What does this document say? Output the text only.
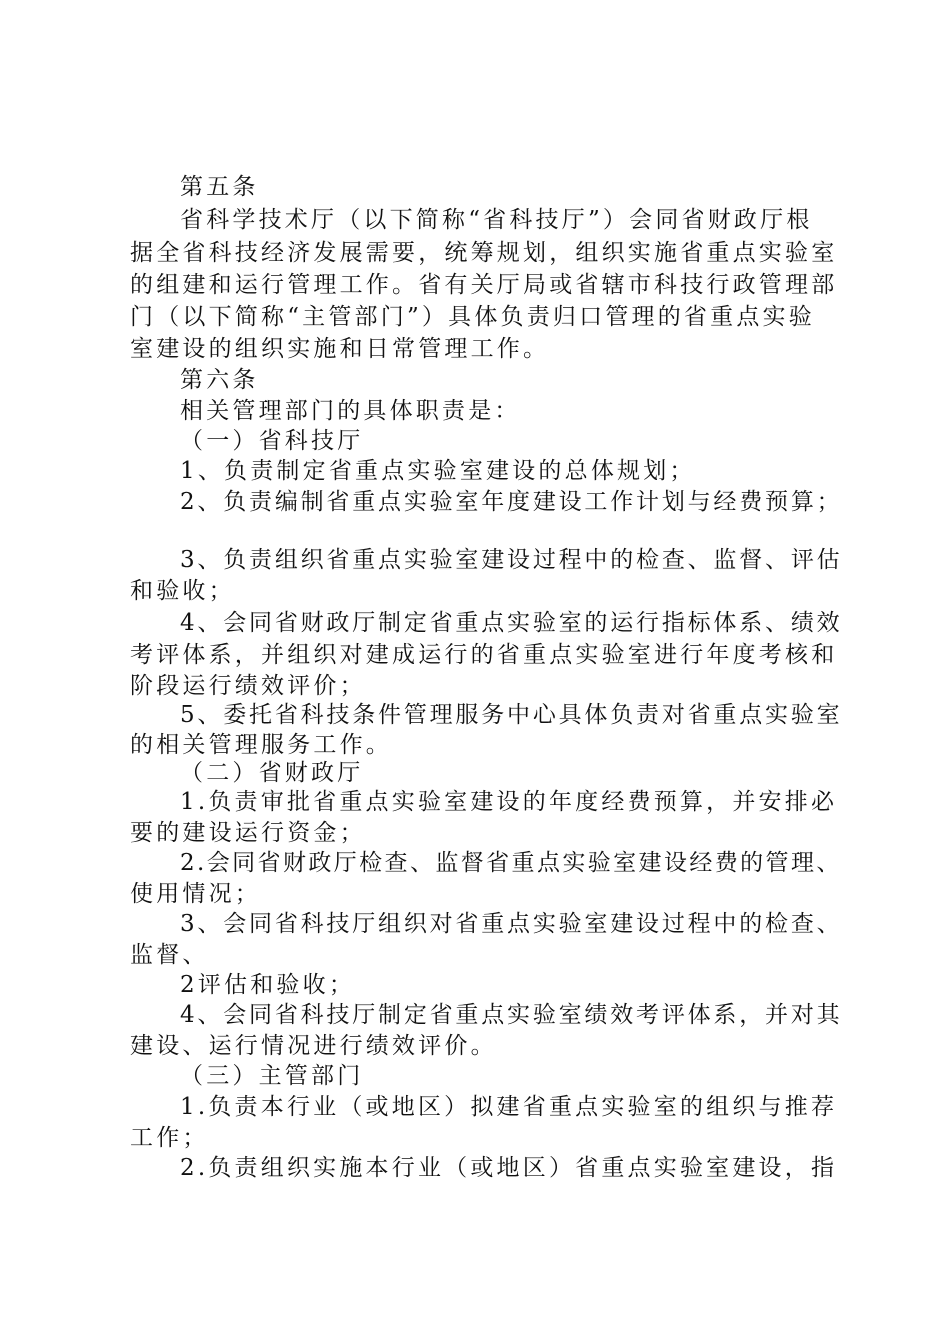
第五条
省科学技术厅（以下简称“省科技厅”）会同省财政厅根
据全省科技经济发展需要，统筹规划，组织实施省重点实验室
的组建和运行管理工作。省有关厅局或省辖市科技行政管理部
门（以下简称“主管部门”）具体负责归口管理的省重点实验
室建设的组织实施和日常管理工作。
第六条
相关管理部门的具体职责是：
（一）省科技厅
1、负责制定省重点实验室建设的总体规划；
2、负责编制省重点实验室年度建设工作计划与经费预算；
3、负责组织省重点实验室建设过程中的检查、监督、评估
和验收；
4、会同省财政厅制定省重点实验室的运行指标体系、绩效
考评体系，并组织对建成运行的省重点实验室进行年度考核和
阶段运行绩效评价；
5、委托省科技条件管理服务中心具体负责对省重点实验室
的相关管理服务工作。
（二）省财政厅
1.负责审批省重点实验室建设的年度经费预算，并安排必
要的建设运行资金；
2.会同省财政厅检查、监督省重点实验室建设经费的管理、
使用情况；
3、会同省科技厅组织对省重点实验室建设过程中的检查、
监督、
2评估和验收；
4、会同省科技厅制定省重点实验室绩效考评体系，并对其
建设、运行情况进行绩效评价。
（三）主管部门
1.负责本行业（或地区）拟建省重点实验室的组织与推荐
工作；
2.负责组织实施本行业（或地区）省重点实验室建设，指
